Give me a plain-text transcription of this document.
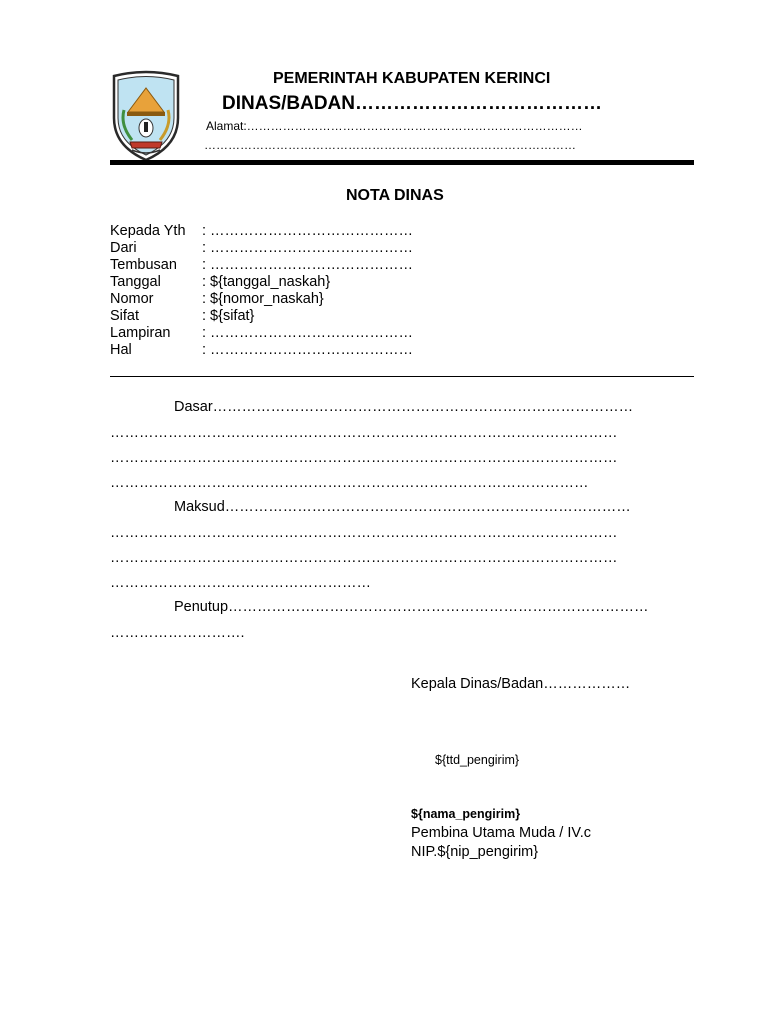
PEMERINTAH KABUPATEN KERINCI
DINAS/BADAN…………………………………
Alamat:…………………………………………………………………………
…………………………………………………………………………………
NOTA DINAS
Kepada Yth
Dari
Tembusan
Tanggal
Nomor
Sifat
Lampiran
Hal
: ……………………………………
: ……………………………………
: ……………………………………
: ${tanggal_naskah}
: ${nomor_naskah}
: ${sifat}
: ……………………………………
: ……………………………………
Dasar……………………………………………………………………………
……………………………………………………………………………………………
……………………………………………………………………………………………
………………………………………………………………………………………
Maksud…………………………………………………………………………
……………………………………………………………………………………………
……………………………………………………………………………………………
………………………………………………
Penutup……………………………………………………………………………
……………………….
Kepala Dinas/Badan………………
${ttd_pengirim}
${nama_pengirim}
Pembina Utama Muda / IV.c
NIP.${nip_pengirim}
